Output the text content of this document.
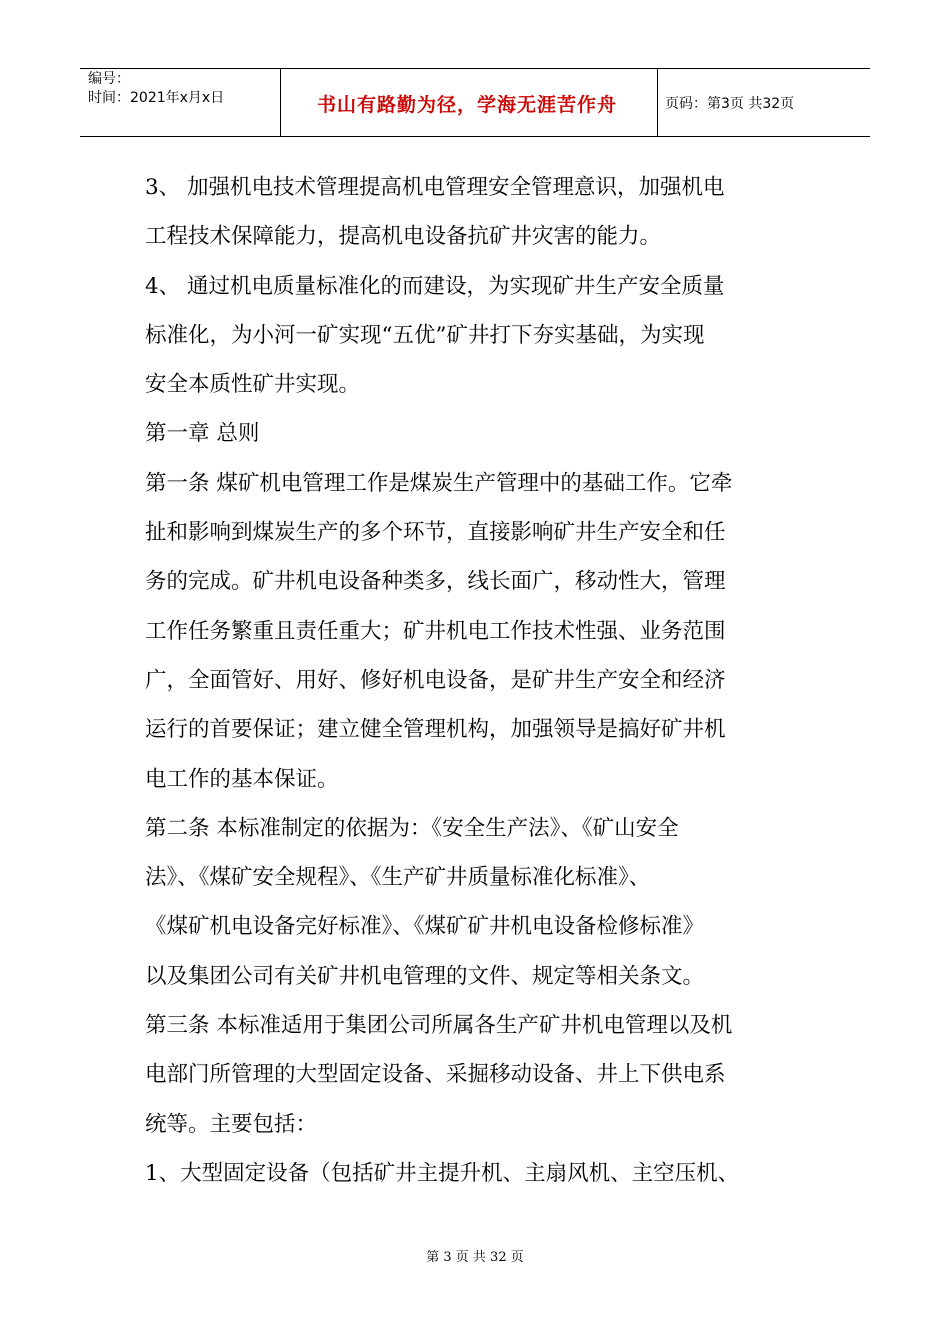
编号：
时间：2021年x月x日	书山有路勤为径，学海无涯苦作舟	页码：第3页 共32页

3、 加强机电技术管理提高机电管理安全管理意识，加强机电

工程技术保障能力，提高机电设备抗矿井灾害的能力。

4、 通过机电质量标准化的而建设，为实现矿井生产安全质量

标准化，为小河一矿实现“五优”矿井打下夯实基础，为实现

安全本质性矿井实现。

第一章 总则

第一条 煤矿机电管理工作是煤炭生产管理中的基础工作。它牵

扯和影响到煤炭生产的多个环节，直接影响矿井生产安全和任

务的完成。矿井机电设备种类多，线长面广，移动性大，管理

工作任务繁重且责任重大；矿井机电工作技术性强、业务范围

广，全面管好、用好、修好机电设备，是矿井生产安全和经济

运行的首要保证；建立健全管理机构，加强领导是搞好矿井机

电工作的基本保证。

第二条 本标准制定的依据为：《安全生产法》、《矿山安全

法》、《煤矿安全规程》、《生产矿井质量标准化标准》、

《煤矿机电设备完好标准》、《煤矿矿井机电设备检修标准》

以及集团公司有关矿井机电管理的文件、规定等相关条文。

第三条 本标准适用于集团公司所属各生产矿井机电管理以及机

电部门所管理的大型固定设备、采掘移动设备、井上下供电系

统等。主要包括：

1、大型固定设备（包括矿井主提升机、主扇风机、主空压机、

第 3 页 共 32 页
